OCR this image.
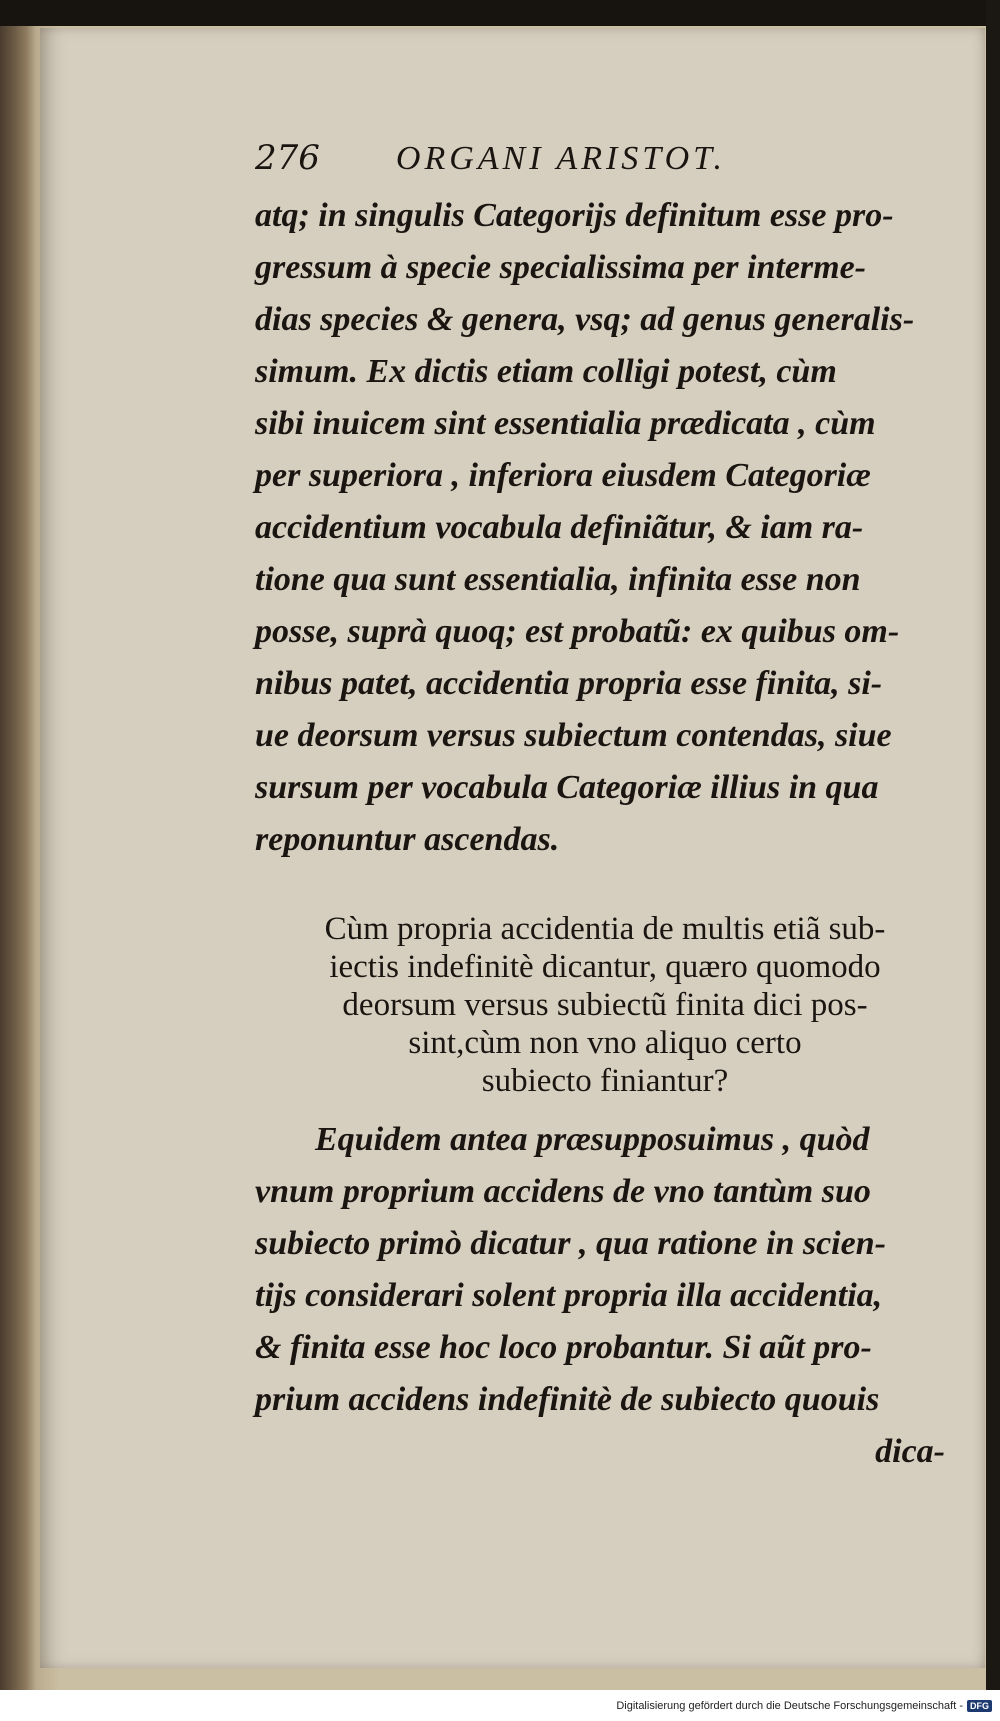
276 ORGANI ARISTOT.
atq; in singulis Categorijs definitum esse pro-
gressum à specie specialissima per interme-
dias species & genera, vsq; ad genus generalis-
simum. Ex dictis etiam colligi potest, cùm
sibi inuicem sint essentialia prædicata , cùm
per superiora , inferiora eiusdem Categoriæ
accidentium vocabula definiãtur, & iam ra-
tione qua sunt essentialia, infinita esse non
posse, suprà quoq; est probatũ: ex quibus om-
nibus patet, accidentia propria esse finita, si-
ue deorsum versus subiectum contendas, siue
sursum per vocabula Categoriæ illius in qua
reponuntur ascendas.
Cùm propria accidentia de multis etiã sub-
iectis indefinitè dicantur, quæro quomodo
deorsum versus subiectũ finita dici pos-
sint,cùm non vno aliquo certo
subiecto finiantur?
Equidem antea præsupposuimus , quòd
vnum proprium accidens de vno tantùm suo
subiecto primò dicatur , qua ratione in scien-
tijs considerari solent propria illa accidentia,
& finita esse hoc loco probantur. Si aũt pro-
prium accidens indefinitè de subiecto quouis
dica-
Digitalisierung gefördert durch die Deutsche Forschungsgemeinschaft - DFG
